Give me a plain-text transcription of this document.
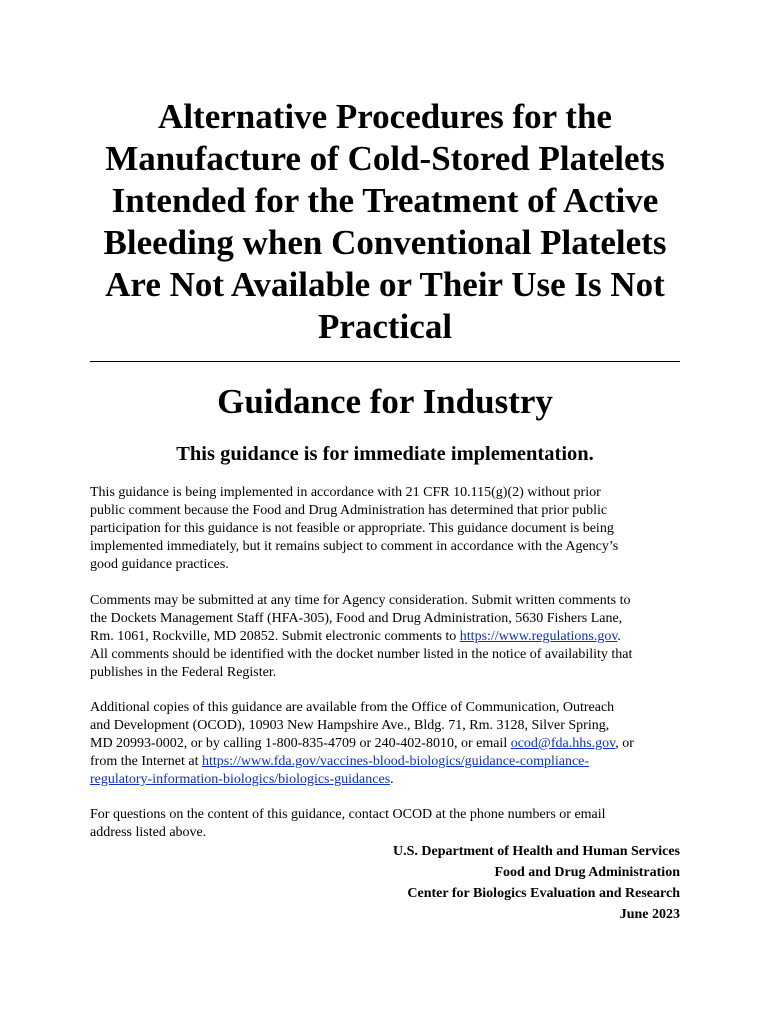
Alternative Procedures for the
Manufacture of Cold-Stored Platelets
Intended for the Treatment of Active
Bleeding when Conventional Platelets
Are Not Available or Their Use Is Not
Practical
Guidance for Industry

This guidance is for immediate implementation.

This guidance is being implemented in accordance with 21 CFR 10.115(g)(2) without prior
public comment because the Food and Drug Administration has determined that prior public
participation for this guidance is not feasible or appropriate. This guidance document is being
implemented immediately, but it remains subject to comment in accordance with the Agency’s
good guidance practices.

Comments may be submitted at any time for Agency consideration. Submit written comments to
the Dockets Management Staff (HFA-305), Food and Drug Administration, 5630 Fishers Lane,
Rm. 1061, Rockville, MD 20852. Submit electronic comments to https://www.regulations.gov.
All comments should be identified with the docket number listed in the notice of availability that
publishes in the Federal Register.

Additional copies of this guidance are available from the Office of Communication, Outreach
and Development (OCOD), 10903 New Hampshire Ave., Bldg. 71, Rm. 3128, Silver Spring,
MD 20993-0002, or by calling 1-800-835-4709 or 240-402-8010, or email ocod@fda.hhs.gov, or
from the Internet at https://www.fda.gov/vaccines-blood-biologics/guidance-compliance-
regulatory-information-biologics/biologics-guidances.

For questions on the content of this guidance, contact OCOD at the phone numbers or email
address listed above.

U.S. Department of Health and Human Services
Food and Drug Administration
Center for Biologics Evaluation and Research
June 2023
